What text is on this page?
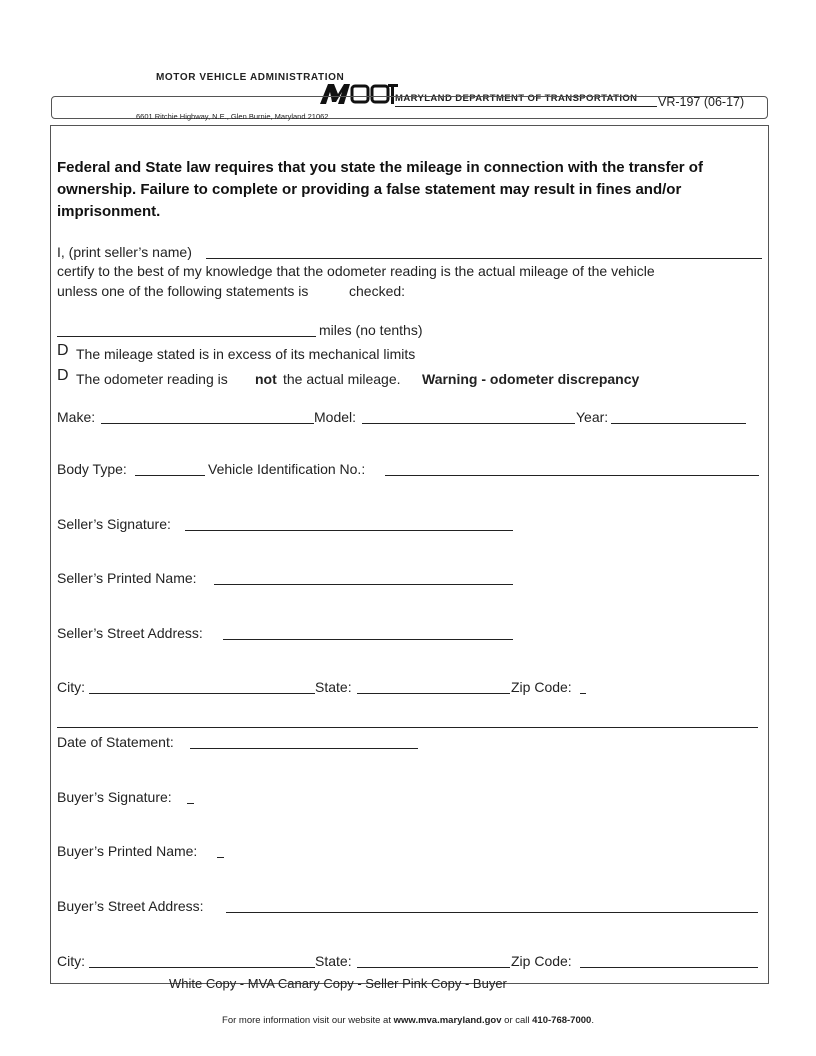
MOTOR VEHICLE ADMINISTRATION
MARYLAND DEPARTMENT OF TRANSPORTATION VR-197 (06-17)
6601 Ritchie Highway, N.E., Glen Burnie, Maryland 21062
Federal and State law requires that you state the mileage in connection with the transfer of ownership. Failure to complete or providing a false statement may result in fines and/or imprisonment.
I, (print seller’s name)
certify to the best of my knowledge that the odometer reading is the actual mileage of the vehicle
unless one of the following statements is	checked:
miles (no tenths)
D The mileage stated is in excess of its mechanical limits
D The odometer reading is not the actual mileage. Warning - odometer discrepancy
Make:	Model:	Year:
Body Type:	Vehicle Identification No.:
Seller’s Signature:
Seller’s Printed Name:
Seller’s Street Address:
City:	State:	Zip Code:
Date of Statement:
Buyer’s Signature:
Buyer’s Printed Name:
Buyer’s Street Address:
City:	State:	Zip Code:
White Copy - MVA Canary Copy - Seller Pink Copy - Buyer
For more information visit our website at www.mva.maryland.gov or call 410-768-7000.
